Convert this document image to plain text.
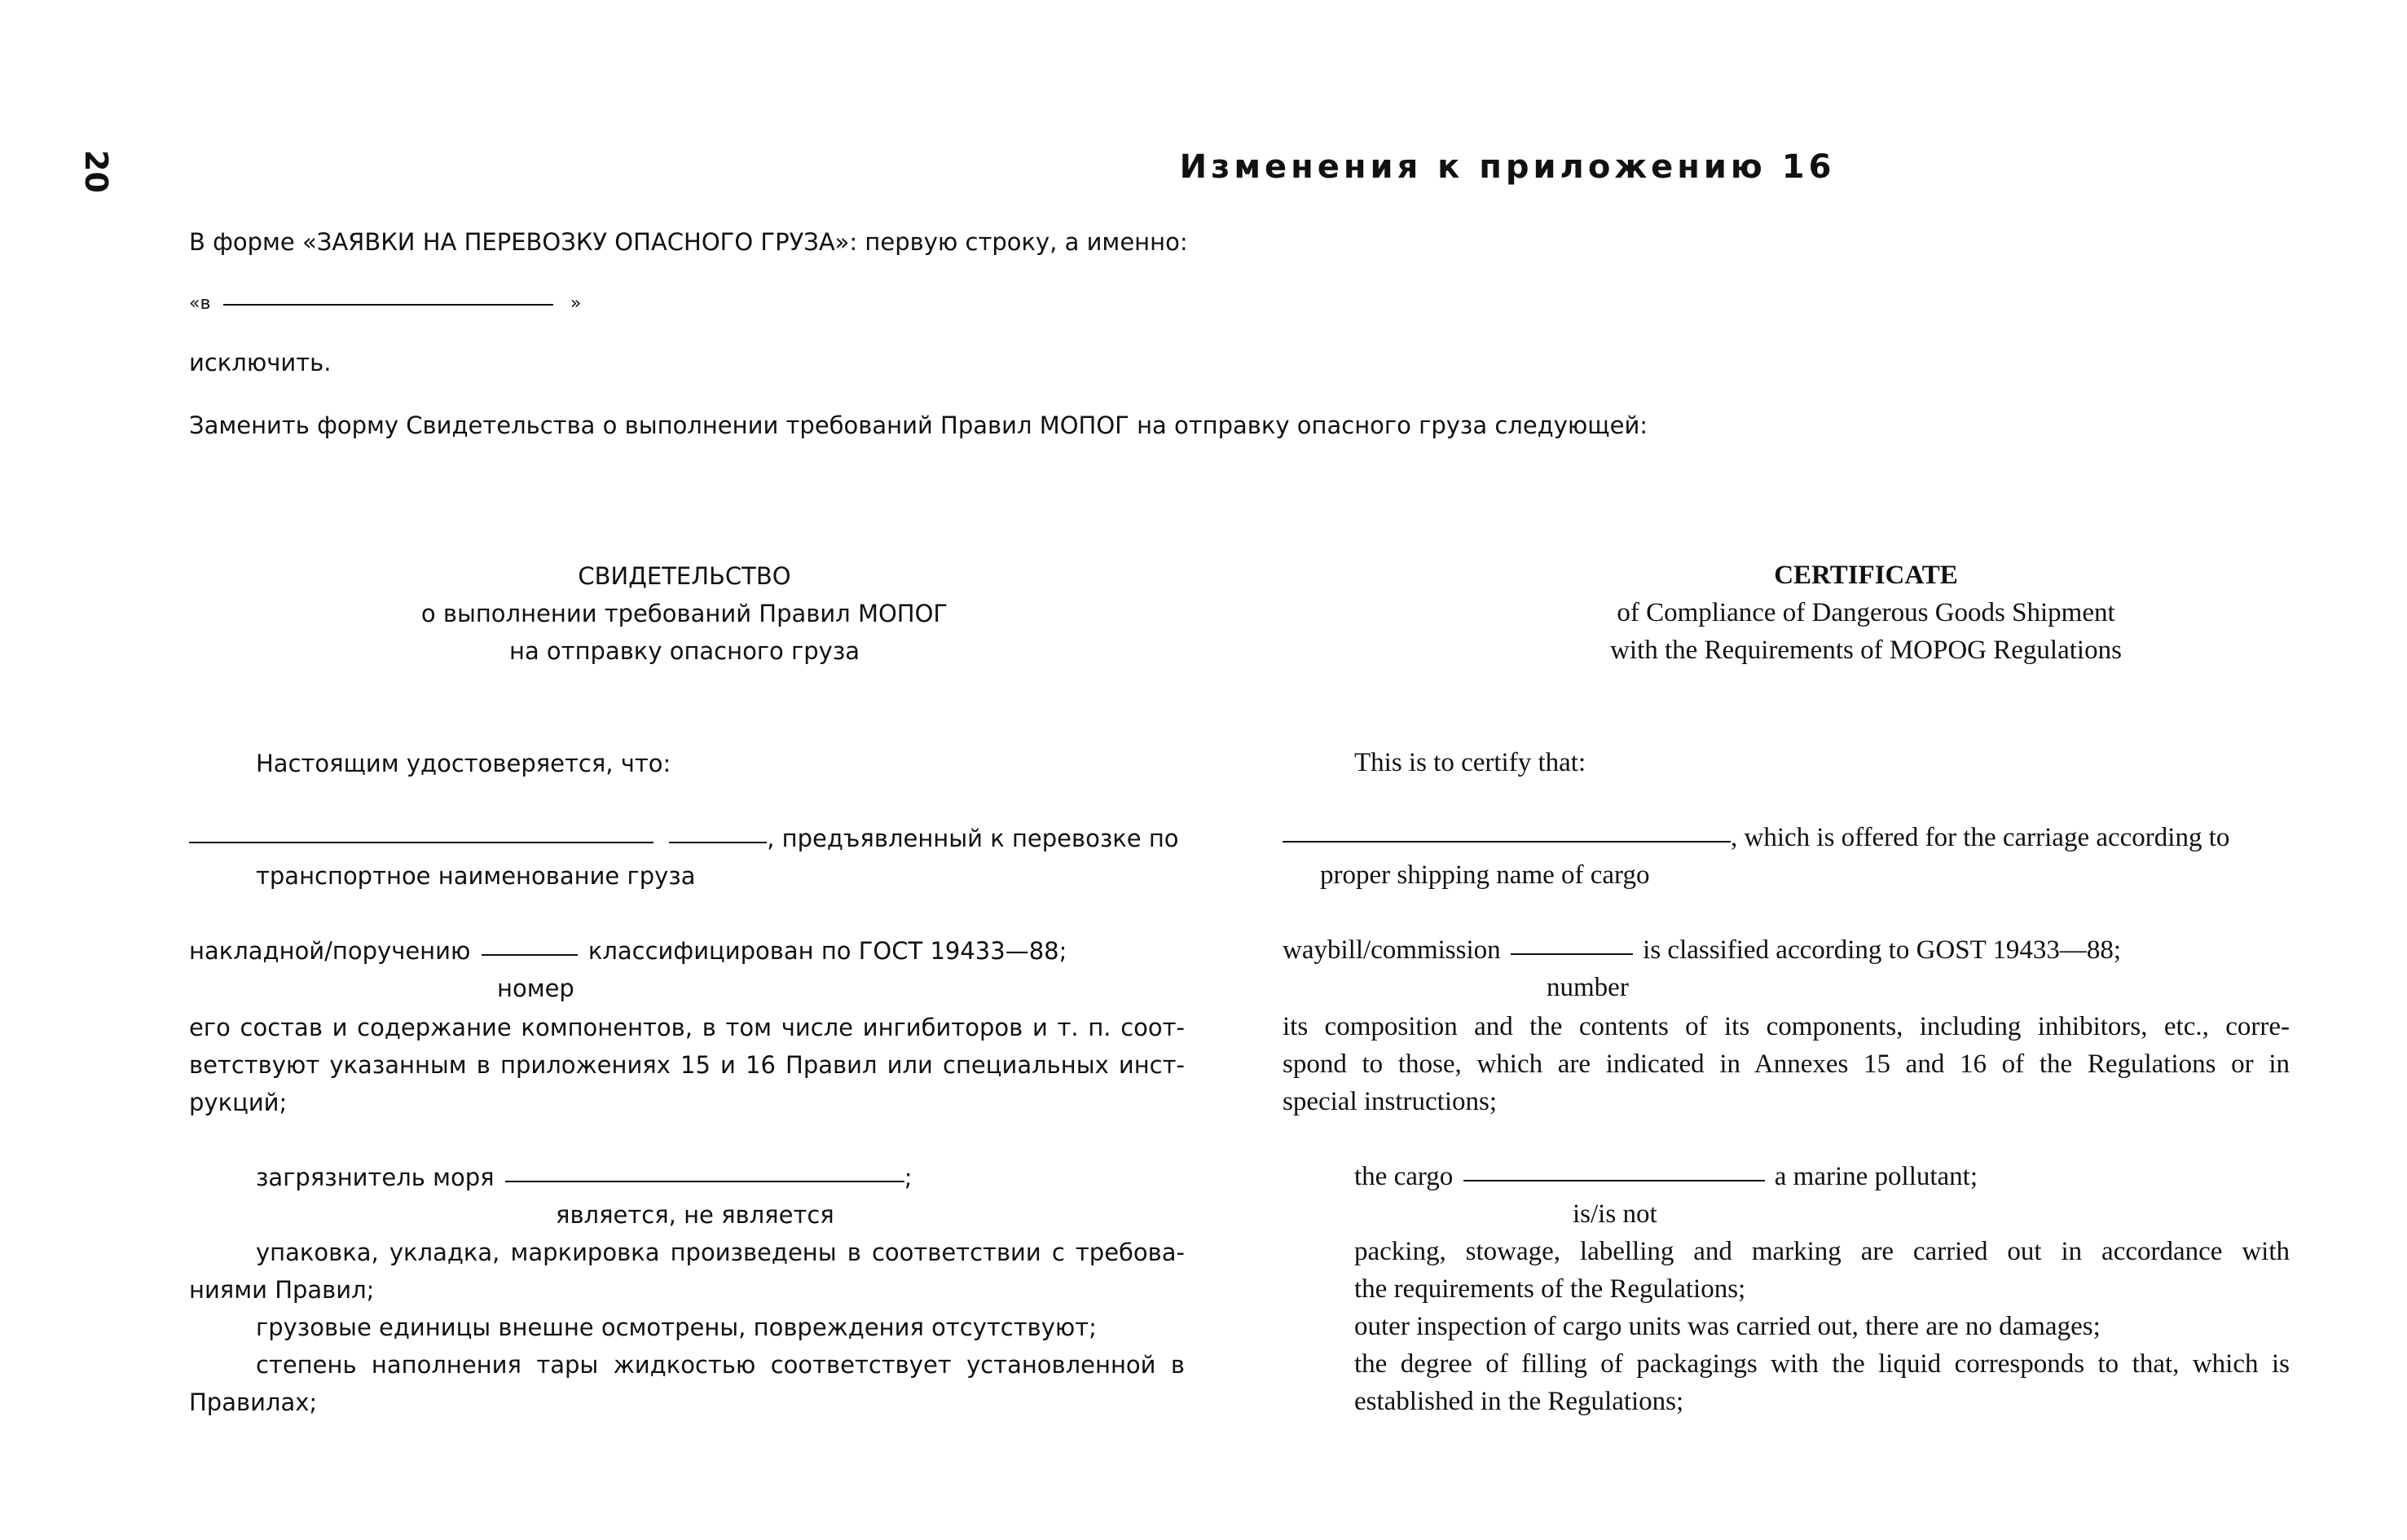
20	Изменения к приложению 16
В форме «ЗАЯВКИ НА ПЕРЕВОЗКУ ОПАСНОГО ГРУЗА»: первую строку, а именно:
«в	»
исключить.
Заменить форму Свидетельства о выполнении требований Правил МОПОГ на отправку опасного груза следующей:
СВИДЕТЕЛЬСТВО
о выполнении требований Правил МОПОГ
на отправку опасного груза
Настоящим удостоверяется, что:
, предъявленный к перевозке по
транспортное наименование груза
накладной/поручению	классифицирован по ГОСТ 19433—88;
номер
его состав и содержание компонентов, в том числе ингибиторов и т. п. соот-
ветствуют указанным в приложениях 15 и 16 Правил или специальных инст-
рукций;
загрязнитель моря	;
является, не является
упаковка, укладка, маркировка произведены в соответствии с требова-
ниями Правил;
грузовые единицы внешне осмотрены, повреждения отсутствуют;
степень наполнения тары жидкостью соответствует установленной в
Правилах;
CERTIFICATE
of Compliance of Dangerous Goods Shipment
with the Requirements of MOPOG Regulations
This is to certify that:
, which is offered for the carriage according to
proper shipping name of cargo
waybill/commission	is classified according to GOST 19433—88;
number
its composition and the contents of its components, including inhibitors, etc., corre-
spond to those, which are indicated in Annexes 15 and 16 of the Regulations or in
special instructions;
the cargo	a marine pollutant;
is/is not
packing, stowage, labelling and marking are carried out in accordance with
the requirements of the Regulations;
outer inspection of cargo units was carried out, there are no damages;
the degree of filling of packagings with the liquid corresponds to that, which is
established in the Regulations;
